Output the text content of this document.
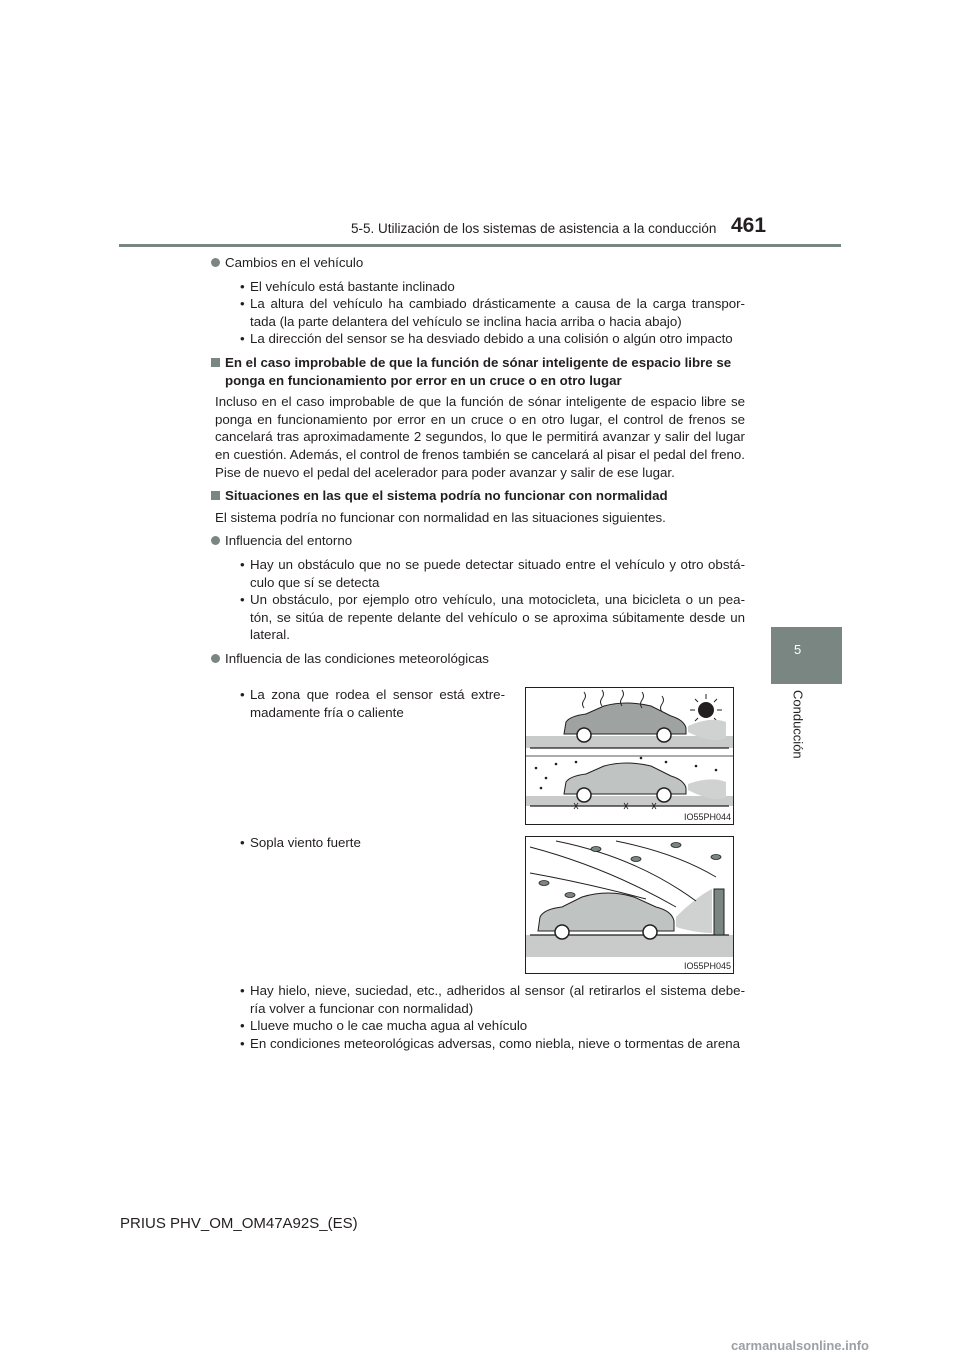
5-5. Utilización de los sistemas de asistencia a la conducción 461
5
Conducción
Cambios en el vehículo
• El vehículo está bastante inclinado
• La altura del vehículo ha cambiado drásticamente a causa de la carga transpor-tada (la parte delantera del vehículo se inclina hacia arriba o hacia abajo)
• La dirección del sensor se ha desviado debido a una colisión o algún otro impacto
En el caso improbable de que la función de sónar inteligente de espacio libre se ponga en funcionamiento por error en un cruce o en otro lugar
Incluso en el caso improbable de que la función de sónar inteligente de espacio libre se ponga en funcionamiento por error en un cruce o en otro lugar, el control de frenos se cancelará tras aproximadamente 2 segundos, lo que le permitirá avanzar y salir del lugar en cuestión. Además, el control de frenos también se cancelará al pisar el pedal del freno. Pise de nuevo el pedal del acelerador para poder avanzar y salir de ese lugar.
Situaciones en las que el sistema podría no funcionar con normalidad
El sistema podría no funcionar con normalidad en las situaciones siguientes.
Influencia del entorno
• Hay un obstáculo que no se puede detectar situado entre el vehículo y otro obstá-culo que sí se detecta
• Un obstáculo, por ejemplo otro vehículo, una motocicleta, una bicicleta o un pea-tón, se sitúa de repente delante del vehículo o se aproxima súbitamente desde un lateral.
Influencia de las condiciones meteorológicas
• La zona que rodea el sensor está extre-madamente fría o caliente
• Sopla viento fuerte
IO55PH044
IO55PH045
• Hay hielo, nieve, suciedad, etc., adheridos al sensor (al retirarlos el sistema debe-ría volver a funcionar con normalidad)
• Llueve mucho o le cae mucha agua al vehículo
• En condiciones meteorológicas adversas, como niebla, nieve o tormentas de arena
PRIUS PHV_OM_OM47A92S_(ES)
carmanualsonline.info
